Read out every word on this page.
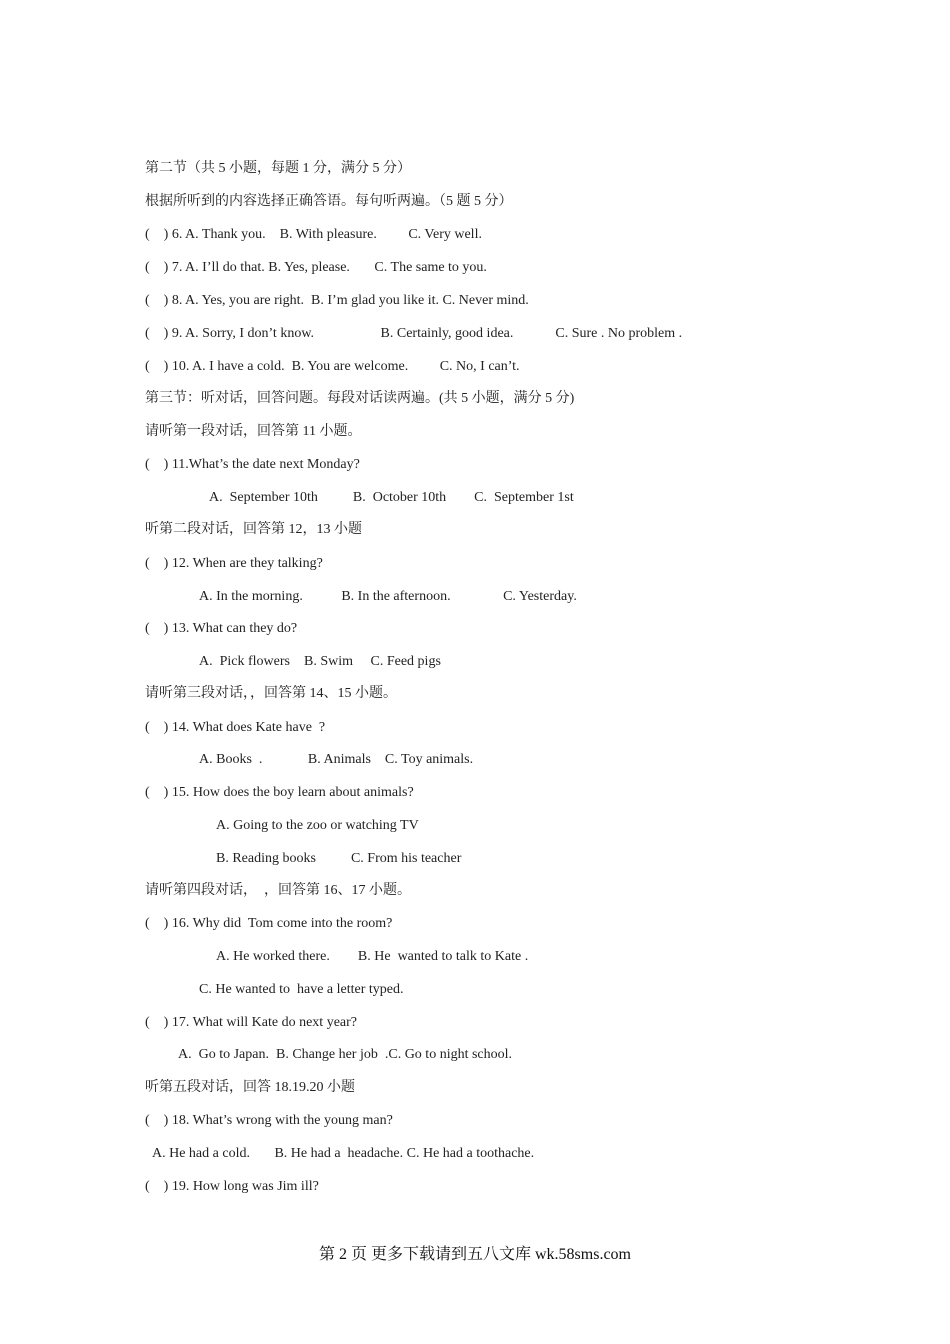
第二节（共 5 小题，每题 1 分，满分 5 分）
根据所听到的内容选择正确答语。每句听两遍。（5 题 5 分）
(    ) 6. A. Thank you.    B. With pleasure.         C. Very well.
(    ) 7. A. I’ll do that. B. Yes, please.       C. The same to you.
(    ) 8. A. Yes, you are right.  B. I’m glad you like it. C. Never mind.
(    ) 9. A. Sorry, I don’t know.                   B. Certainly, good idea.            C. Sure . No problem .
(    ) 10. A. I have a cold.  B. You are welcome.         C. No, I can’t.
第三节：听对话，回答问题。每段对话读两遍。(共 5 小题，满分 5 分)
请听第一段对话，回答第 11 小题。
(    ) 11.What’s the date next Monday?
A.  September 10th          B.  October 10th        C.  September 1st
听第二段对话，回答第 12，13 小题
(    ) 12. When are they talking?
A. In the morning.           B. In the afternoon.               C. Yesterday.
(    ) 13. What can they do?
A.  Pick flowers    B. Swim     C. Feed pigs
请听第三段对话，，回答第 14、15 小题。
(    ) 14. What does Kate have  ?
A. Books  .             B. Animals    C. Toy animals.
(    ) 15. How does the boy learn about animals?
A. Going to the zoo or watching TV
B. Reading books          C. From his teacher
请听第四段对话，  ，回答第 16、17 小题。
(    ) 16. Why did  Tom come into the room?
A. He worked there.        B. He  wanted to talk to Kate .
C. He wanted to  have a letter typed.
(    ) 17. What will Kate do next year?
A.  Go to Japan.  B. Change her job  .C. Go to night school.
听第五段对话，回答 18.19.20 小题
(    ) 18. What’s wrong with the young man?
A. He had a cold.       B. He had a  headache. C. He had a toothache.
(    ) 19. How long was Jim ill?
第 2 页 更多下载请到五八文库 wk.58sms.com
